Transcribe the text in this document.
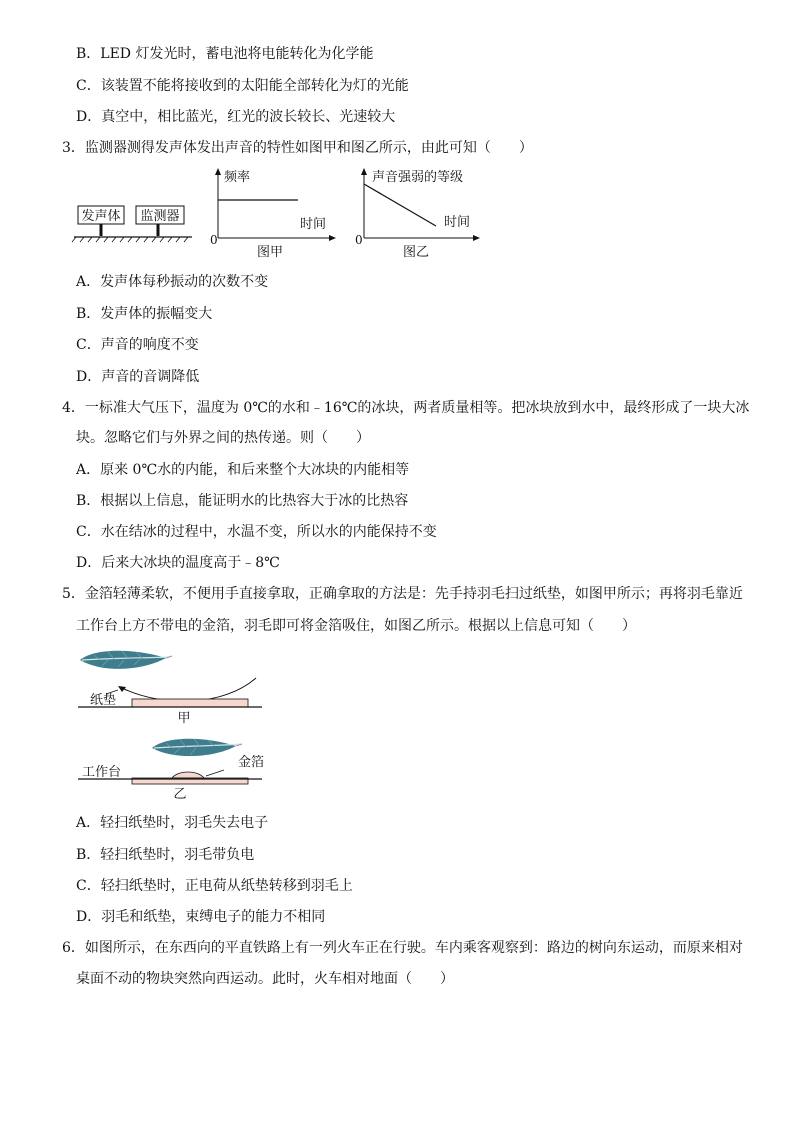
B．LED 灯发光时，蓄电池将电能转化为化学能
C．该装置不能将接收到的太阳能全部转化为灯的光能
D．真空中，相比蓝光，红光的波长较长、光速较大
3．监测器测得发声体发出声音的特性如图甲和图乙所示，由此可知（　　）
发声体 监测器
频率
时间
0
图甲
声音强弱的等级
时间
0
图乙
A．发声体每秒振动的次数不变
B．发声体的振幅变大
C．声音的响度不变
D．声音的音调降低
4．一标准大气压下，温度为 0℃的水和﹣16℃的冰块，两者质量相等。把冰块放到水中，最终形成了一块大冰
块。忽略它们与外界之间的热传递。则（　　）
A．原来 0℃水的内能，和后来整个大冰块的内能相等
B．根据以上信息，能证明水的比热容大于冰的比热容
C．水在结冰的过程中，水温不变，所以水的内能保持不变
D．后来大冰块的温度高于﹣8℃
5．金箔轻薄柔软，不便用手直接拿取，正确拿取的方法是：先手持羽毛扫过纸垫，如图甲所示；再将羽毛靠近
工作台上方不带电的金箔，羽毛即可将金箔吸住，如图乙所示。根据以上信息可知（　　）
纸垫
甲
金箔
工作台
乙
A．轻扫纸垫时，羽毛失去电子
B．轻扫纸垫时，羽毛带负电
C．轻扫纸垫时，正电荷从纸垫转移到羽毛上
D．羽毛和纸垫，束缚电子的能力不相同
6．如图所示，在东西向的平直铁路上有一列火车正在行驶。车内乘客观察到：路边的树向东运动，而原来相对
桌面不动的物块突然向西运动。此时，火车相对地面（　　）
